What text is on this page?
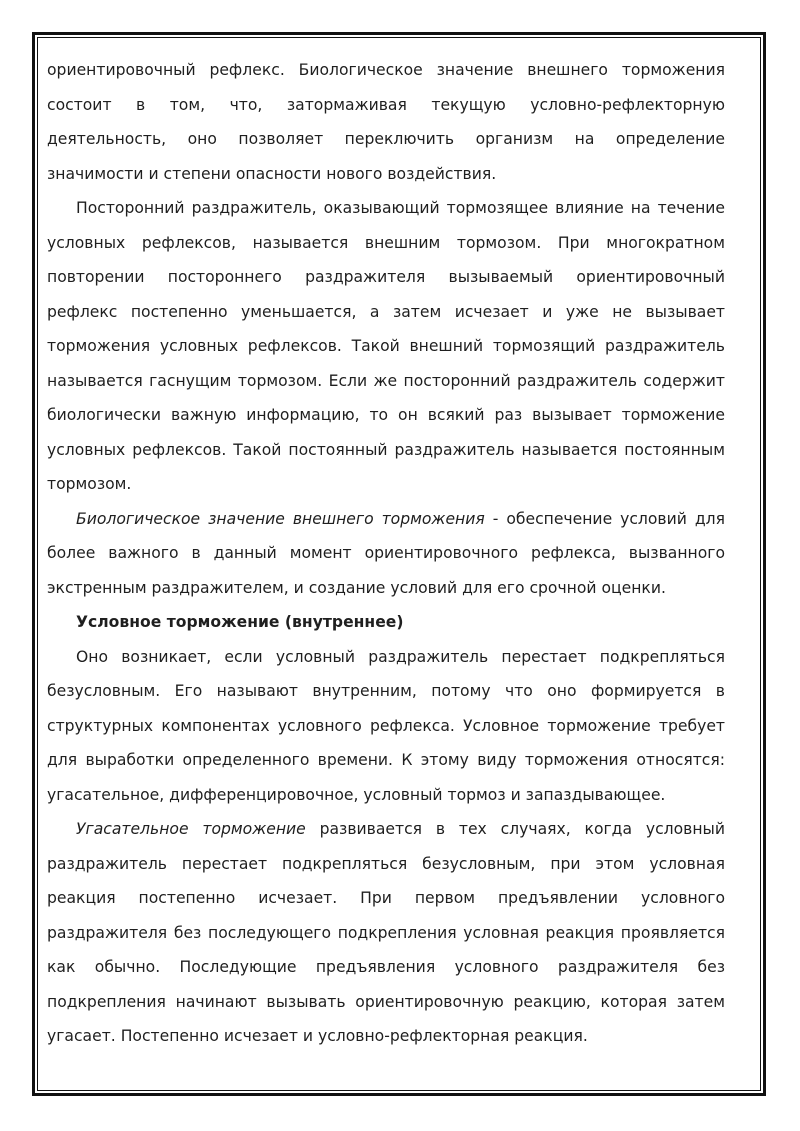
ориентировочный рефлекс. Биологическое значение внешнего торможения состоит в том, что, затормаживая текущую условно-рефлекторную деятельность, оно позволяет переключить организм на определение значимости и степени опасности нового воздействия.

Посторонний раздражитель, оказывающий тормозящее влияние на течение условных рефлексов, называется внешним тормозом. При многократном повторении постороннего раздражителя вызываемый ориентировочный рефлекс постепенно уменьшается, а затем исчезает и уже не вызывает торможения условных рефлексов. Такой внешний тормозящий раздражитель называется гаснущим тормозом. Если же посторонний раздражитель содержит биологически важную информацию, то он всякий раз вызывает торможение условных рефлексов. Такой постоянный раздражитель называется постоянным тормозом.

Биологическое значение внешнего торможения - обеспечение условий для более важного в данный момент ориентировочного рефлекса, вызванного экстренным раздражителем, и создание условий для его срочной оценки.

Условное торможение (внутреннее)

Оно возникает, если условный раздражитель перестает подкрепляться безусловным. Его называют внутренним, потому что оно формируется в структурных компонентах условного рефлекса. Условное торможение требует для выработки определенного времени. К этому виду торможения относятся: угасательное, дифференцировочное, условный тормоз и запаздывающее.

Угасательное торможение развивается в тех случаях, когда условный раздражитель перестает подкрепляться безусловным, при этом условная реакция постепенно исчезает. При первом предъявлении условного раздражителя без последующего подкрепления условная реакция проявляется как обычно. Последующие предъявления условного раздражителя без подкрепления начинают вызывать ориентировочную реакцию, которая затем угасает. Постепенно исчезает и условно-рефлекторная реакция.
